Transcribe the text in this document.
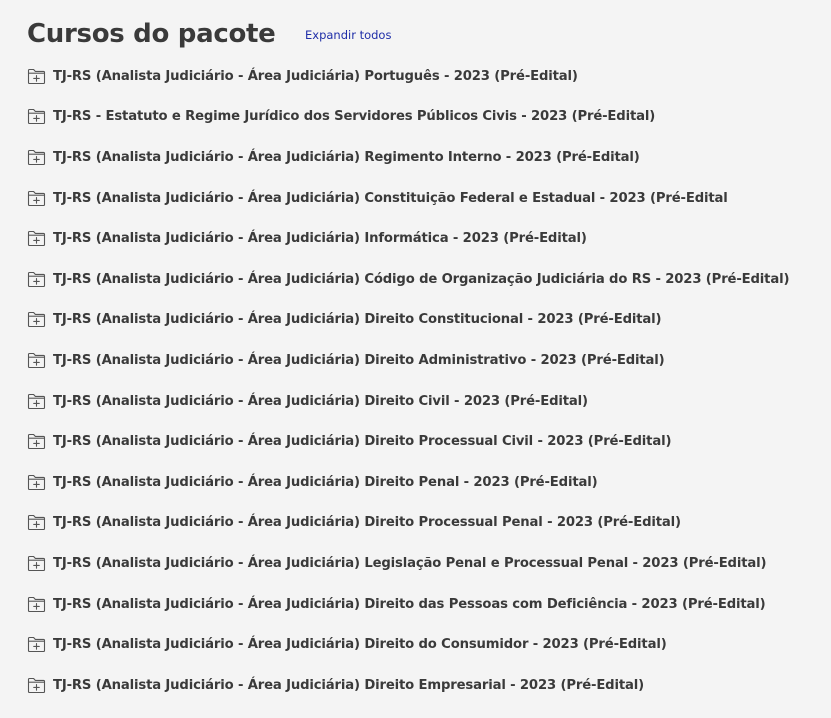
Cursos do pacote	Expandir todos
TJ-RS (Analista Judiciário - Área Judiciária) Português - 2023 (Pré-Edital)
TJ-RS - Estatuto e Regime Jurídico dos Servidores Públicos Civis - 2023 (Pré-Edital)
TJ-RS (Analista Judiciário - Área Judiciária) Regimento Interno - 2023 (Pré-Edital)
TJ-RS (Analista Judiciário - Área Judiciária) Constituição Federal e Estadual - 2023 (Pré-Edital
TJ-RS (Analista Judiciário - Área Judiciária) Informática - 2023 (Pré-Edital)
TJ-RS (Analista Judiciário - Área Judiciária) Código de Organização Judiciária do RS - 2023 (Pré-Edital)
TJ-RS (Analista Judiciário - Área Judiciária) Direito Constitucional - 2023 (Pré-Edital)
TJ-RS (Analista Judiciário - Área Judiciária) Direito Administrativo - 2023 (Pré-Edital)
TJ-RS (Analista Judiciário - Área Judiciária) Direito Civil - 2023 (Pré-Edital)
TJ-RS (Analista Judiciário - Área Judiciária) Direito Processual Civil - 2023 (Pré-Edital)
TJ-RS (Analista Judiciário - Área Judiciária) Direito Penal - 2023 (Pré-Edital)
TJ-RS (Analista Judiciário - Área Judiciária) Direito Processual Penal - 2023 (Pré-Edital)
TJ-RS (Analista Judiciário - Área Judiciária) Legislação Penal e Processual Penal - 2023 (Pré-Edital)
TJ-RS (Analista Judiciário - Área Judiciária) Direito das Pessoas com Deficiência - 2023 (Pré-Edital)
TJ-RS (Analista Judiciário - Área Judiciária) Direito do Consumidor - 2023 (Pré-Edital)
TJ-RS (Analista Judiciário - Área Judiciária) Direito Empresarial - 2023 (Pré-Edital)
